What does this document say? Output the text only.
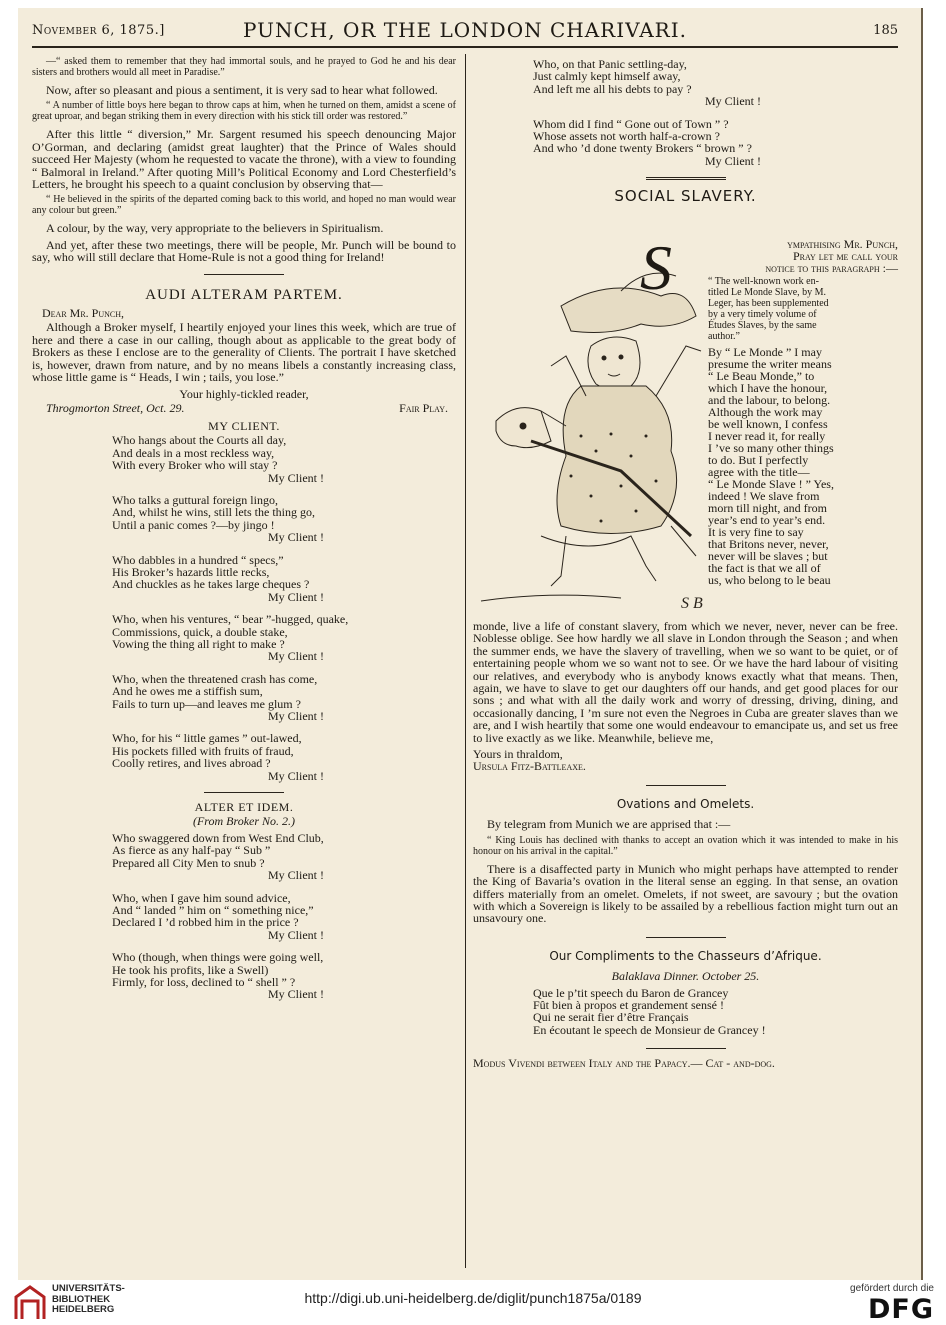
November 6, 1875.]	PUNCH, OR THE LONDON CHARIVARI.	185

—“ asked them to remember that they had immortal souls, and he prayed to God he and his dear sisters and brothers would all meet in Paradise.”

Now, after so pleasant and pious a sentiment, it is very sad to hear what followed.

“ A number of little boys here began to throw caps at him, when he turned on them, amidst a scene of great uproar, and began striking them in every direction with his stick till order was restored.”

After this little “ diversion,” Mr. Sargent resumed his speech denouncing Major O’Gorman, and declaring (amidst great laughter) that the Prince of Wales should succeed Her Majesty (whom he requested to vacate the throne), with a view to founding “ Balmoral in Ireland.” After quoting Mill’s Political Economy and Lord Chesterfield’s Letters, he brought his speech to a quaint conclusion by observing that—

“ He believed in the spirits of the departed coming back to this world, and hoped no man would wear any colour but green.”

A colour, by the way, very appropriate to the believers in Spiritualism.

And yet, after these two meetings, there will be people, Mr. Punch will be bound to say, who will still declare that Home-Rule is not a good thing for Ireland!

AUDI ALTERAM PARTEM.

Dear Mr. Punch,

Although a Broker myself, I heartily enjoyed your lines this week, which are true of here and there a case in our calling, though about as applicable to the great body of Brokers as these I enclose are to the generality of Clients. The portrait I have sketched is, however, drawn from nature, and by no means libels a constantly increasing class, whose little game is “ Heads, I win ; tails, you lose.”

Your highly-tickled reader,

Throgmorton Street, Oct. 29.	Fair Play.
MY CLIENT.
Who hangs about the Courts all day,
And deals in a most reckless way,
With every Broker who will stay ?
My Client !
Who talks a guttural foreign lingo,
And, whilst he wins, still lets the thing go,
Until a panic comes ?—by jingo !
My Client !
Who dabbles in a hundred “ specs,”
His Broker’s hazards little recks,
And chuckles as he takes large cheques ?
My Client !
Who, when his ventures, “ bear ”-hugged, quake,
Commissions, quick, a double stake,
Vowing the thing all right to make ?
My Client !
Who, when the threatened crash has come,
And he owes me a stiffish sum,
Fails to turn up—and leaves me glum ?
My Client !
Who, for his “ little games ” out-lawed,
His pockets filled with fruits of fraud,
Coolly retires, and lives abroad ?
My Client !
ALTER ET IDEM.
(From Broker No. 2.)
Who swaggered down from West End Club,
As fierce as any half-pay “ Sub ”
Prepared all City Men to snub ?
My Client !
Who, when I gave him sound advice,
And “ landed ” him on “ something nice,”
Declared I ’d robbed him in the price ?
My Client !
Who (though, when things were going well,
He took his profits, like a Swell)
Firmly, for loss, declined to “ shell ” ?
My Client !
Who, on that Panic settling-day,
Just calmly kept himself away,
And left me all his debts to pay ?
My Client !
Whom did I find “ Gone out of Town ” ?
Whose assets not worth half-a-crown ?
And who ’d done twenty Brokers “ brown ” ?
My Client !
SOCIAL SLAVERY.
S B
S	ympathising Mr. Punch,
Pray let me call your
notice to this paragraph :—
“ The well-known work en-
titled Le Monde Slave, by M.
Leger, has been supplemented
by a very timely volume of
Études Slaves, by the same
author.”
By “ Le Monde ” I may
presume the writer means
“ Le Beau Monde,” to
which I have the honour,
and the labour, to belong.
Although the work may
be well known, I confess
I never read it, for really
I ’ve so many other things
to do. But I perfectly
agree with the title—
“ Le Monde Slave ! ” Yes,
indeed ! We slave from
morn till night, and from
year’s end to year’s end.
It is very fine to say
that Britons never, never,
never will be slaves ; but
the fact is that we all of
us, who belong to le beau

monde, live a life of constant slavery, from which we never, never, never can be free. Noblesse oblige. See how hardly we all slave in London through the Season ; and when the summer ends, we have the slavery of travelling, when we so want to be quiet, or of entertaining people whom we so want not to see. Or we have the hard labour of visiting our relatives, and everybody who is anybody knows exactly what that means. Then, again, we have to slave to get our daughters off our hands, and get good places for our sons ; and what with all the daily work and worry of dressing, driving, dining, and occasionally dancing, I ’m sure not even the Negroes in Cuba are greater slaves than we are, and I wish heartily that some one would endeavour to emancipate us, and set us free to live exactly as we like. Meanwhile, believe me,

Yours in thraldom,

Ursula Fitz-Battleaxe.

Ovations and Omelets.

By telegram from Munich we are apprised that :—

“ King Louis has declined with thanks to accept an ovation which it was intended to make in his honour on his arrival in the capital.”

There is a disaffected party in Munich who might perhaps have attempted to render the King of Bavaria’s ovation in the literal sense an egging. In that sense, an ovation differs materially from an omelet. Omelets, if not sweet, are savoury ; but the ovation with which a Sovereign is likely to be assailed by a rebellious faction might turn out an unsavoury one.

Our Compliments to the Chasseurs d’Afrique.
Balaklava Dinner. October 25.
Que le p’tit speech du Baron de Grancey
Fût bien à propos et grandement sensé !
Qui ne serait fier d’être Français
En écoutant le speech de Monsieur de Grancey !

Modus Vivendi between Italy and the Papacy.— Cat - and-dog.

UNIVERSITÄTS-
BIBLIOTHEK
HEIDELBERG
http://digi.ub.uni-heidelberg.de/diglit/punch1875a/0189
gefördert durch die
DFG
